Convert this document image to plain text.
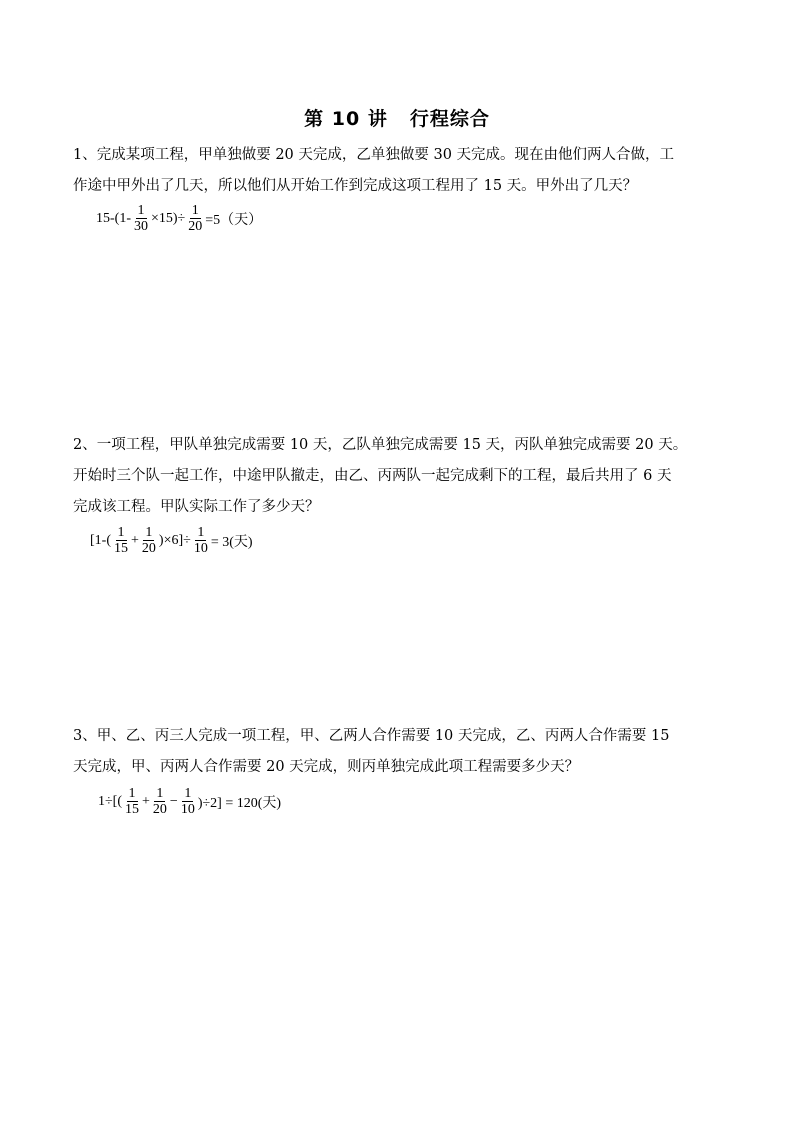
第 10 讲 行程综合
1、完成某项工程，甲单独做要 20 天完成，乙单独做要 30 天完成。现在由他们两人合做，工
作途中甲外出了几天，所以他们从开始工作到完成这项工程用了 15 天。甲外出了几天？
$15-(1- \frac{1}{30} \times 15)\div \frac{1}{20} =5$（天）
2、一项工程，甲队单独完成需要 10 天，乙队单独完成需要 15 天，丙队单独完成需要 20 天。
开始时三个队一起工作，中途甲队撤走，由乙、丙两队一起完成剩下的工程，最后共用了 6 天
完成该工程。甲队实际工作了多少天？
$[1-( \frac{1}{15} + \frac{1}{20} )\times 6]\div \frac{1}{10} = 3$(天)
3、甲、乙、丙三人完成一项工程，甲、乙两人合作需要 10 天完成，乙、丙两人合作需要 15
天完成，甲、丙两人合作需要 20 天完成，则丙单独完成此项工程需要多少天？
$1\div[( \frac{1}{15} + \frac{1}{20} - \frac{1}{10} )\div 2] = 120$(天)
